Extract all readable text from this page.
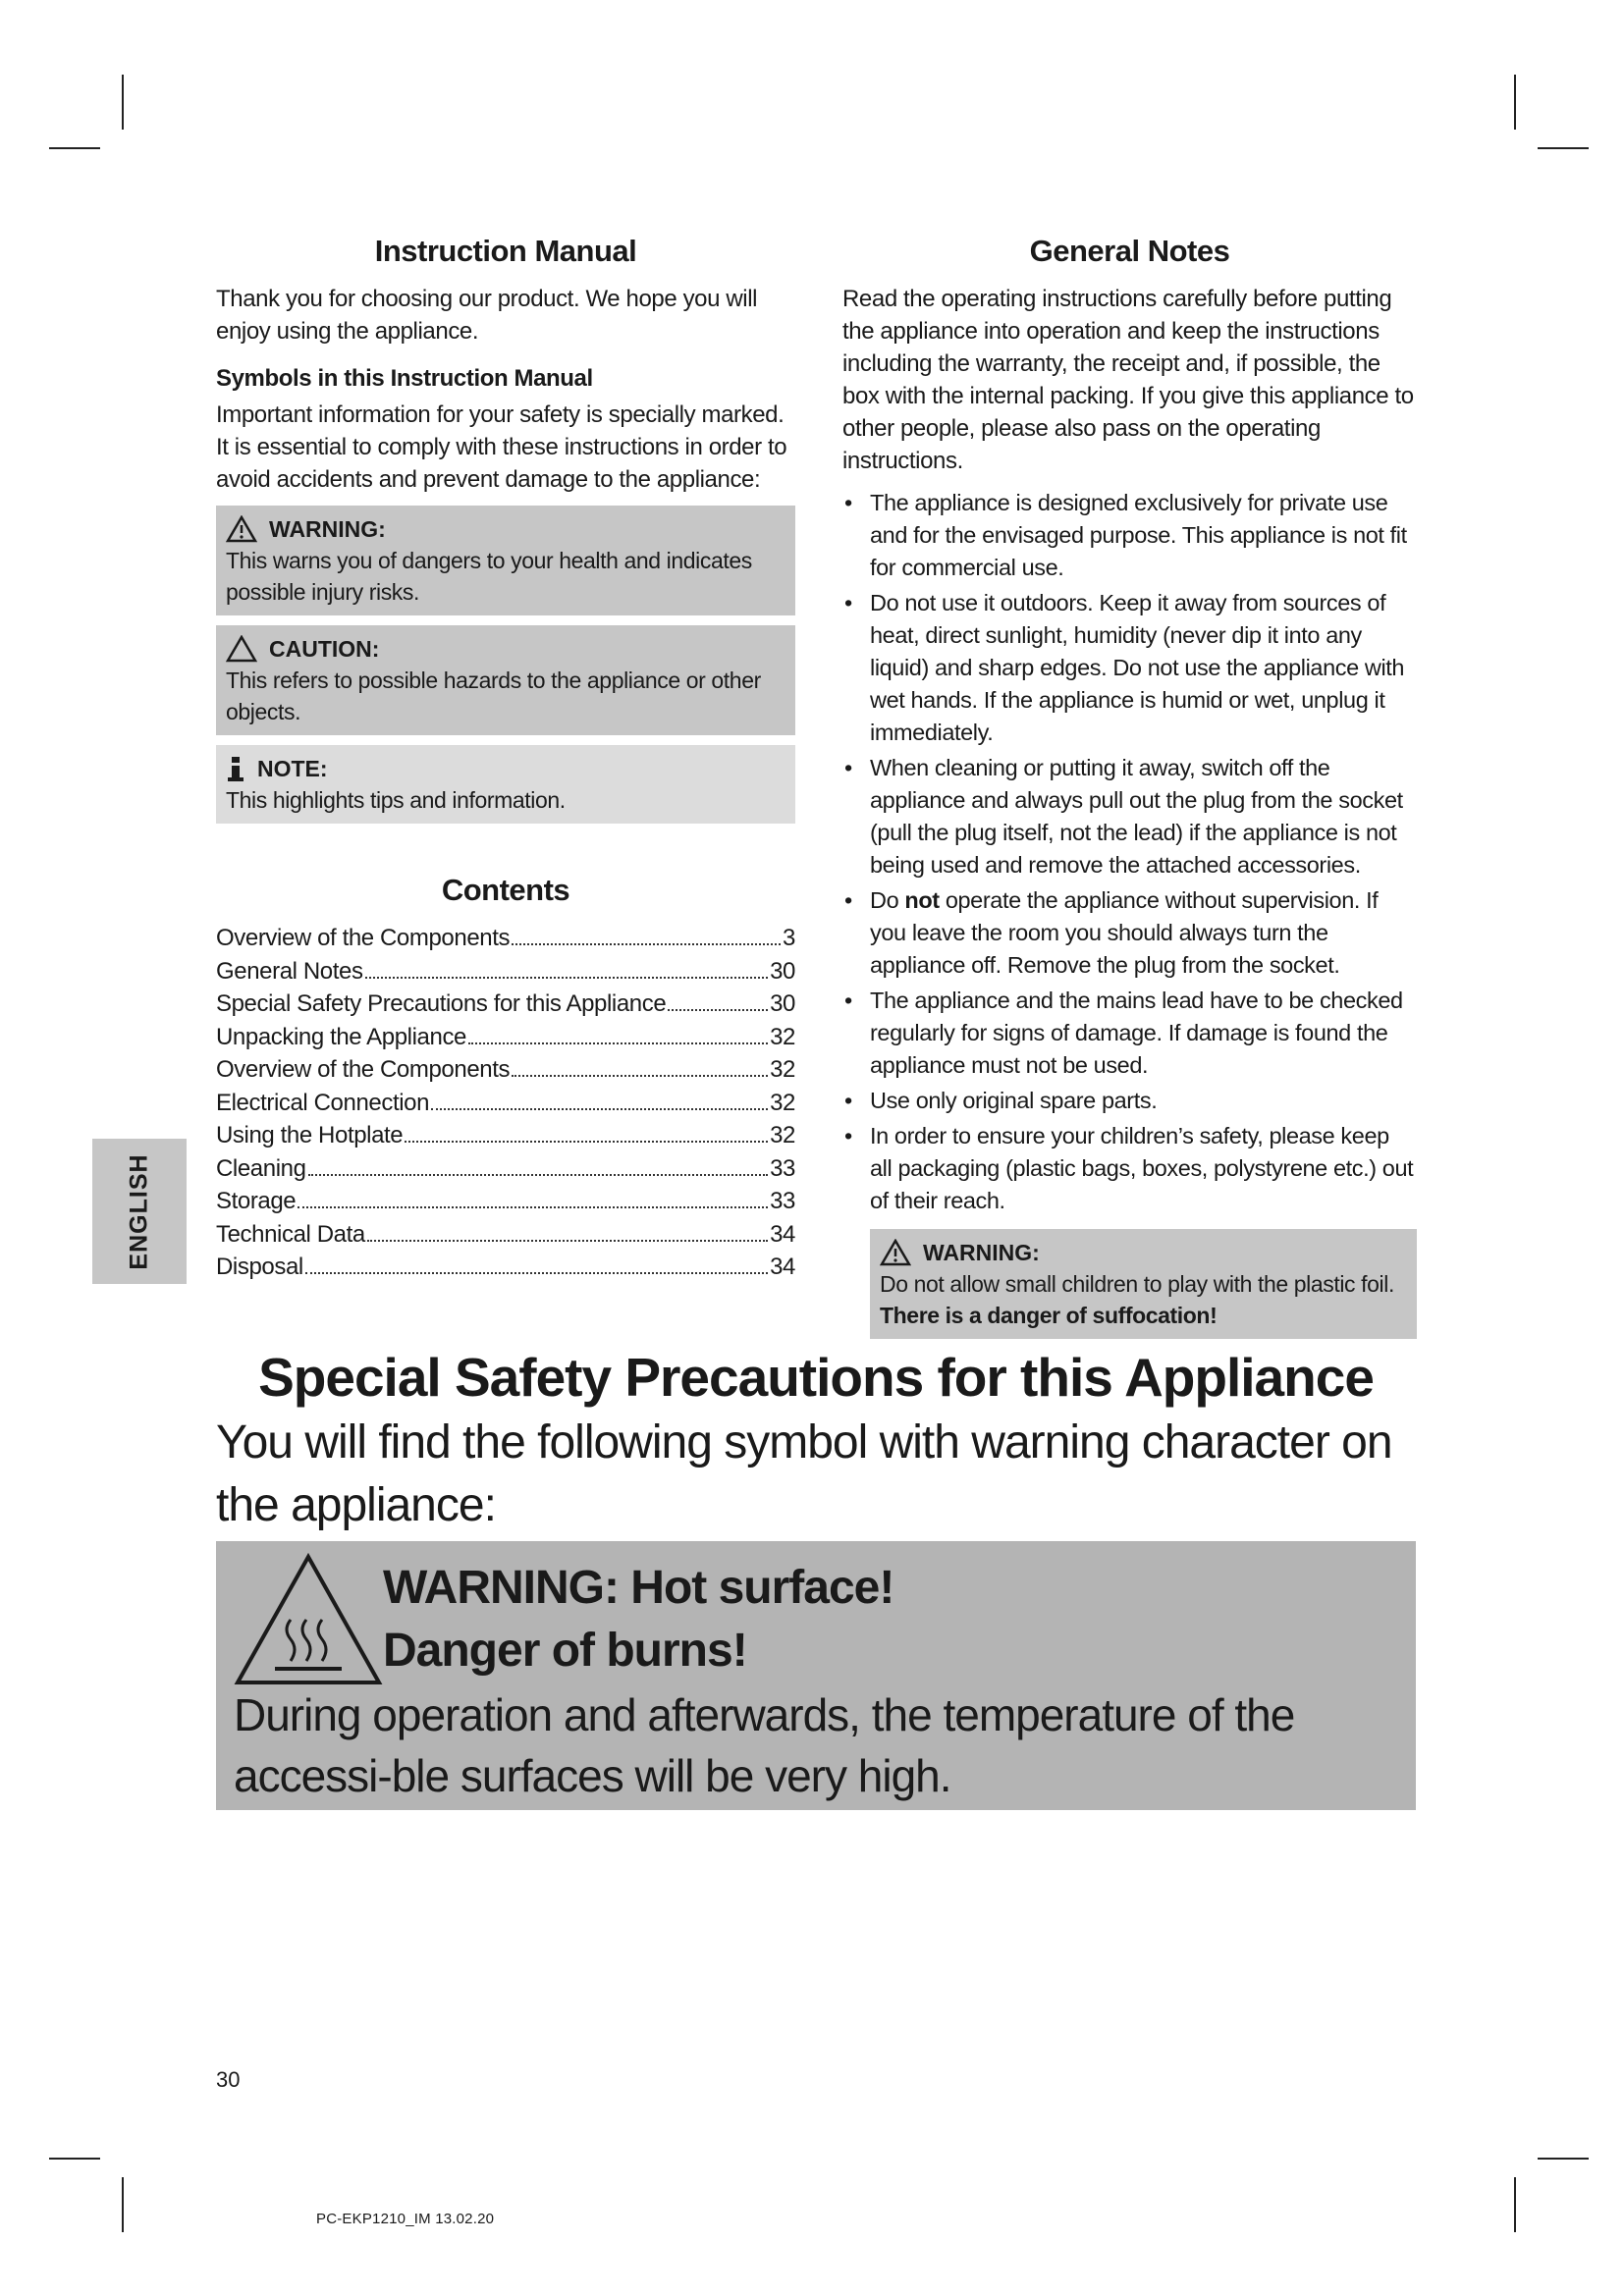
ENGLISH
Instruction Manual

Thank you for choosing our product. We hope you will enjoy using the appliance.

Symbols in this Instruction Manual

Important information for your safety is specially marked.

It is essential to comply with these instructions in order to avoid accidents and prevent damage to the appliance:

WARNING:
This warns you of dangers to your health and indicates possible injury risks.
CAUTION:
This refers to possible hazards to the appliance or other objects.
NOTE:
This highlights tips and information.
Contents
Overview of the Components	3
General Notes	30
Special Safety Precautions for this Appliance	30
Unpacking the Appliance	32
Overview of the Components	32
Electrical Connection	32
Using the Hotplate	32
Cleaning	33
Storage	33
Technical Data	34
Disposal	34
General Notes

Read the operating instructions carefully before putting the appliance into operation and keep the instructions including the warranty, the receipt and, if possible, the box with the internal packing. If you give this appliance to other people, please also pass on the operating instructions.

• The appliance is designed exclusively for private use and for the envisaged purpose. This appliance is not fit for commercial use.
• Do not use it outdoors. Keep it away from sources of heat, direct sunlight, humidity (never dip it into any liquid) and sharp edges. Do not use the appliance with wet hands. If the appliance is humid or wet, unplug it immediately.
• When cleaning or putting it away, switch off the appliance and always pull out the plug from the socket (pull the plug itself, not the lead) if the appliance is not being used and remove the attached accessories.
• Do not operate the appliance without supervision. If you leave the room you should always turn the appliance off. Remove the plug from the socket.
• The appliance and the mains lead have to be checked regularly for signs of damage. If damage is found the appliance must not be used.
• Use only original spare parts.
• In order to ensure your children’s safety, please keep all packaging (plastic bags, boxes, polystyrene etc.) out of their reach.
WARNING:
Do not allow small children to play with the plastic foil.
There is a danger of suffocation!
Special Safety Precautions for this Appliance
You will find the following symbol with warning character on the appliance:
WARNING: Hot surface!
Danger of burns!
During operation and afterwards, the temperature of the accessi-ble surfaces will be very high.
30
PC-EKP1210_IM 13.02.20
